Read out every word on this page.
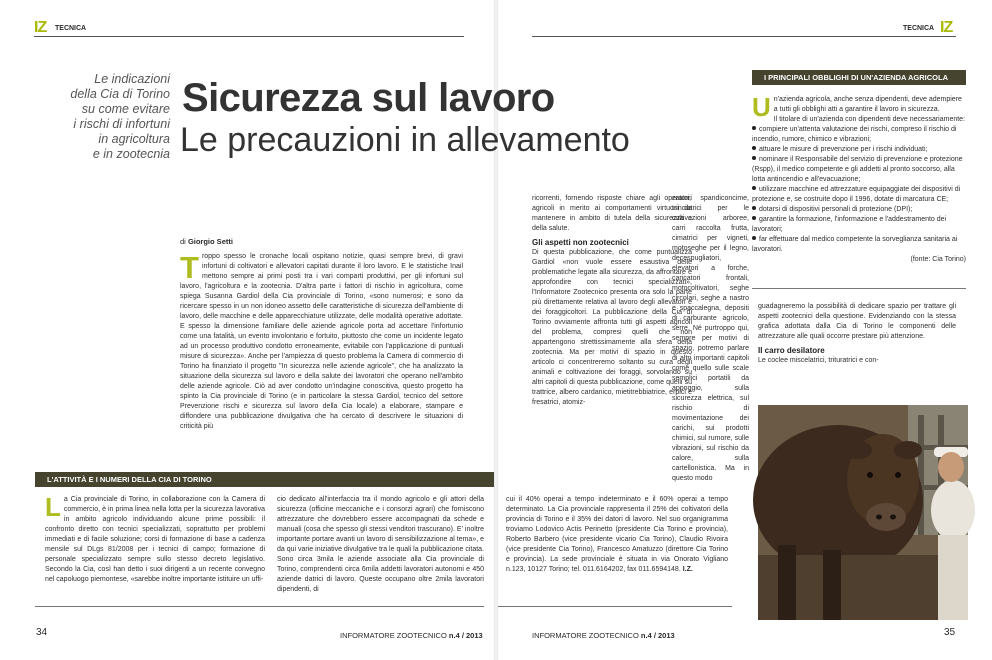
IZ TECNICA
Le indicazioni
della Cia di Torino
su come evitare
i rischi di infortuni
in agricoltura
e in zootecnia
di Giorgio Setti

Troppo spesso le cronache locali ospitano notizie, quasi sempre brevi, di gravi infortuni di coltivatori e allevatori capitati durante il loro lavoro. E le statistiche Inail mettono sempre ai primi posti tra i vari comparti produttivi, per gli infortuni sul lavoro, l'agricoltura e la zootecnia. D'altra parte i fattori di rischio in agricoltura, come spiega Susanna Gardiol della Cia provinciale di Torino, «sono numerosi; e sono da ricercare spesso in un non idoneo assetto delle caratteristiche di sicurezza dell'ambiente di lavoro, delle macchine e delle apparecchiature utilizzate, delle modalità operative adottate. E spesso la dimensione familiare delle aziende agricole porta ad accettare l'infortunio come una fatalità, un evento involontario e fortuito, piuttosto che come un incidente legato ad un processo produttivo condotto erroneamente, evitabile con l'applicazione di puntuali misure di sicurezza». Anche per l'ampiezza di questo problema la Camera di commercio di Torino ha finanziato il progetto "In sicurezza nelle aziende agricole", che ha analizzato la situazione della sicurezza sul lavoro e della salute dei lavoratori che operano nell'ambito delle aziende agricole. Ciò ad aver condotto un'indagine conoscitiva, questo progetto ha spinto la Cia provinciale di Torino (e in particolare la stessa Gardiol, tecnico del settore Prevenzione rischi e sicurezza sul lavoro della Cia locale) a elaborare, stampare e diffondere una pubblicazione divulgativa che ha cercato di descrivere le situazioni di criticità più

L'ATTIVITÀ E I NUMERI DELLA CIA DI TORINO

La Cia provinciale di Torino, in collaborazione con la Camera di commercio, è in prima linea nella lotta per la sicurezza lavorativa in ambito agricolo individuando alcune prime possibili: il confronto diretto con tecnici specializzati, soprattutto per problemi immediati e di facile soluzione; corsi di formazione di base a cadenza mensile sul DLgs 81/2008 per i tecnici di campo; formazione di personale specializzato sempre sullo stesso decreto legislativo. Secondo la Cia, così han detto i suoi dirigenti a un recente convegno nel capoluogo piemontese, «sarebbe inoltre importante istituire un uffi-

cio dedicato all'interfaccia tra il mondo agricolo e gli attori della sicurezza (officine meccaniche e i consorzi agrari) che forniscono attrezzature che dovrebbero essere accompagnati da schede e manuali (cosa che spesso gli stessi venditori trascurano). E' inoltre importante portare avanti un lavoro di sensibilizzazione al tema», e da qui varie iniziative divulgative tra le quali la pubblicazione citata. Sono circa 3mila le aziende associate alla Cia provinciale di Torino, comprendenti circa 6mila addetti lavoratori autonomi e 450 aziende datrici di lavoro. Queste occupano oltre 2mila lavoratori dipendenti, di

34	INFORMATORE ZOOTECNICO n.4 / 2013
TECNICA IZ

ricorrenti, fornendo risposte chiare agli operatori agricoli in merito ai comportamenti virtuosi da mantenere in ambito di tutela della sicurezza e della salute.
Gli aspetti non zootecnici
Di questa pubblicazione, che come puntualizza Gardiol «non vuole essere esaustiva delle problematiche legate alla sicurezza, da affrontare e approfondire con tecnici specializzati», l'Informatore Zootecnico presenta ora solo la parte più direttamente relativa al lavoro degli allevatori e dei foraggicoltori. La pubblicazione della Cia di Torino ovviamente affronta tutti gli aspetti agricoli del problema, compresi quelli che non appartengono strettissimamente alla sfera della zootecnia. Ma per motivi di spazio in questo articolo ci concentreremo soltanto su cura degli animali e coltivazione dei foraggi, sorvolando su altri capitoli di questa pubblicazione, come quelli su trattrice, albero cardanico, mietitrebbiatrice, erpici e fresatrici, atomiz-

I PRINCIPALI OBBLIGHI DI UN'AZIENDA AGRICOLA

Un'azienda agricola, anche senza dipendenti, deve adempiere a tutti gli obblighi atti a garantire il lavoro in sicurezza.

Il titolare di un'azienda con dipendenti deve necessariamente:

compiere un'attenta valutazione dei rischi, compreso il rischio di incendio, rumore, chimico e vibrazioni;

attuare le misure di prevenzione per i rischi individuati;

nominare il Responsabile del servizio di prevenzione e protezione (Rspp), il medico competente e gli addetti al pronto soccorso, alla lotta antincendio e all'evacuazione;

utilizzare macchine ed attrezzature equipaggiate dei dispositivi di protezione e, se costruite dopo il 1996, dotate di marcatura CE;

dotarsi di dispositivi personali di protezione (DPI);

garantire la formazione, l'informazione e l'addestramento dei lavoratori;

far effettuare dal medico competente la sorveglianza sanitaria ai lavoratori.

(fonte: Cia Torino)

zatori, spandiconcime, trinciatrici per le coltivazioni arboree, carri raccolta frutta, cimatrici per vigneti, motoseghe per il legno, decespugliatori, elevatori a forche, caricatori frontali, motocoltivatori, seghe circolari, seghe a nastro e spaccalegna, depositi di carburante agricolo, serre. Né purtroppo qui, sempre per motivi di spazio, potremo parlare di altri importanti capitoli come quello sulle scale semplici portatili da appoggio, sulla sicurezza elettrica, sul rischio di movimentazione dei carichi, sui prodotti chimici, sul rumore, sulle vibrazioni, sul rischio da calore, sulla cartellonistica. Ma in questo modo

guadagneremo la possibilità di dedicare spazio per trattare gli aspetti zootecnici della questione. Evidenziando con la stessa grafica adottata dalla Cia di Torino le componenti delle attrezzature alle quali occorre prestare più attenzione.
Il carro desilatore
Le coclee miscelatrici, trituratrici e con-

cui il 40% operai a tempo indeterminato e il 60% operai a tempo determinato. La Cia provinciale rappresenta il 25% dei coltivatori della provincia di Torino e il 35% dei datori di lavoro. Nel suo organigramma troviamo Lodovico Actis Perinetto (presidente Cia Torino e provincia), Roberto Barbero (vice presidente vicario Cia Torino), Claudio Rivoira (vice presidente Cia Torino), Francesco Amatuzzo (direttore Cia Torino e provincia). La sede provinciale è situata in via Onorato Vigliano n.123, 10127 Torino; tel. 011.6164202, fax 011.6594148. I.Z.

INFORMATORE ZOOTECNICO n.4 / 2013	35
Sicurezza sul lavoro
Le precauzioni in allevamento
